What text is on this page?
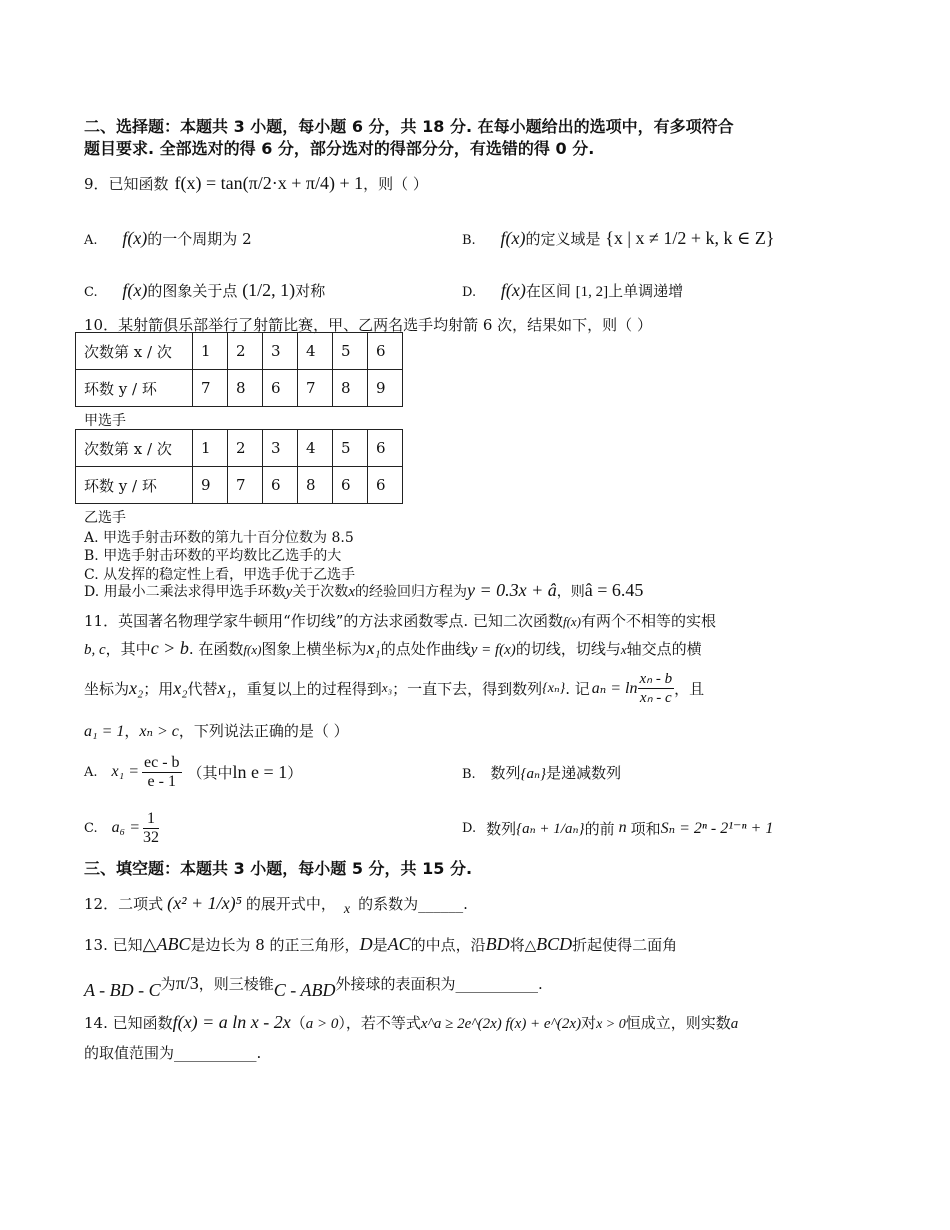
二、选择题：本题共 3 小题，每小题 6 分，共 18 分. 在每小题给出的选项中，有多项符合
题目要求. 全部选对的得 6 分，部分选对的得部分分，有选错的得 0 分.
9．已知函数 f(x) = tan(π/2·x + π/4) + 1 ，则（ ）
A. f(x)的一个周期为 2	B. f(x)的定义域是 {x | x ≠ 1/2 + k, k ∈ Z}
C. f(x)的图象关于点 (1/2, 1)对称	D. f(x)在区间 [1, 2]上单调递增
10．某射箭俱乐部举行了射箭比赛，甲、乙两名选手均射箭 6 次，结果如下，则（ ）
次数第 x / 次	1	2	3	4	5	6
环数 y / 环	7	8	6	7	8	9
甲选手
次数第 x / 次	1	2	3	4	5	6
环数 y / 环	9	7	6	8	6	6
乙选手
A. 甲选手射击环数的第九十百分位数为 8.5
B. 甲选手射击环数的平均数比乙选手的大
C. 从发挥的稳定性上看，甲选手优于乙选手
D. 用最小二乘法求得甲选手环数y关于次数x的经验回归方程为y = 0.3x + â，则â = 6.45
11．英国著名物理学家牛顿用“作切线”的方法求函数零点. 已知二次函数f(x)有两个不相等的实根
b, c，其中c > b. 在函数f(x)图象上横坐标为x₁的点处作曲线y = f(x)的切线，切线与x轴交点的横
坐标为 x₂ ；用 x₂ 代替 x₁ ，重复以上的过程得到 x₃ ；一直下去，得到数列 {xₙ} . 记 $a_n = \ln \frac{\text{xₙ - b}}{\text{xₙ - c}}$ ，且
a₁ = 1，xₙ > c，下列说法正确的是（ ）
A. $x_1 = \frac{ec - b}{e - 1}$ （其中 ln e = 1 ）	B. 数列{aₙ}是递减数列
C. $a_6 = \frac{1}{32}$	D. 数列 {aₙ + 1/aₙ} 的前 n 项和 Sₙ = 2ⁿ - 2¹⁻ⁿ + 1
三、填空题：本题共 3 小题，每小题 5 分，共 15 分.
12．二项式 (x² + 1/x)⁵ 的展开式中， x 的系数为______.
13. 已知△ABC是边长为 8 的正三角形，D是AC的中点，沿BD将△BCD折起使得二面角
A - BD - C 为 π/3 ，则三棱锥 C - ABD 外接球的表面积为___________.
14. 已知函数f(x) = a ln x - 2x（a > 0），若不等式x^a ≥ 2e^(2x) f(x) + e^(2x)对x > 0恒成立，则实数a
的取值范围为___________.
